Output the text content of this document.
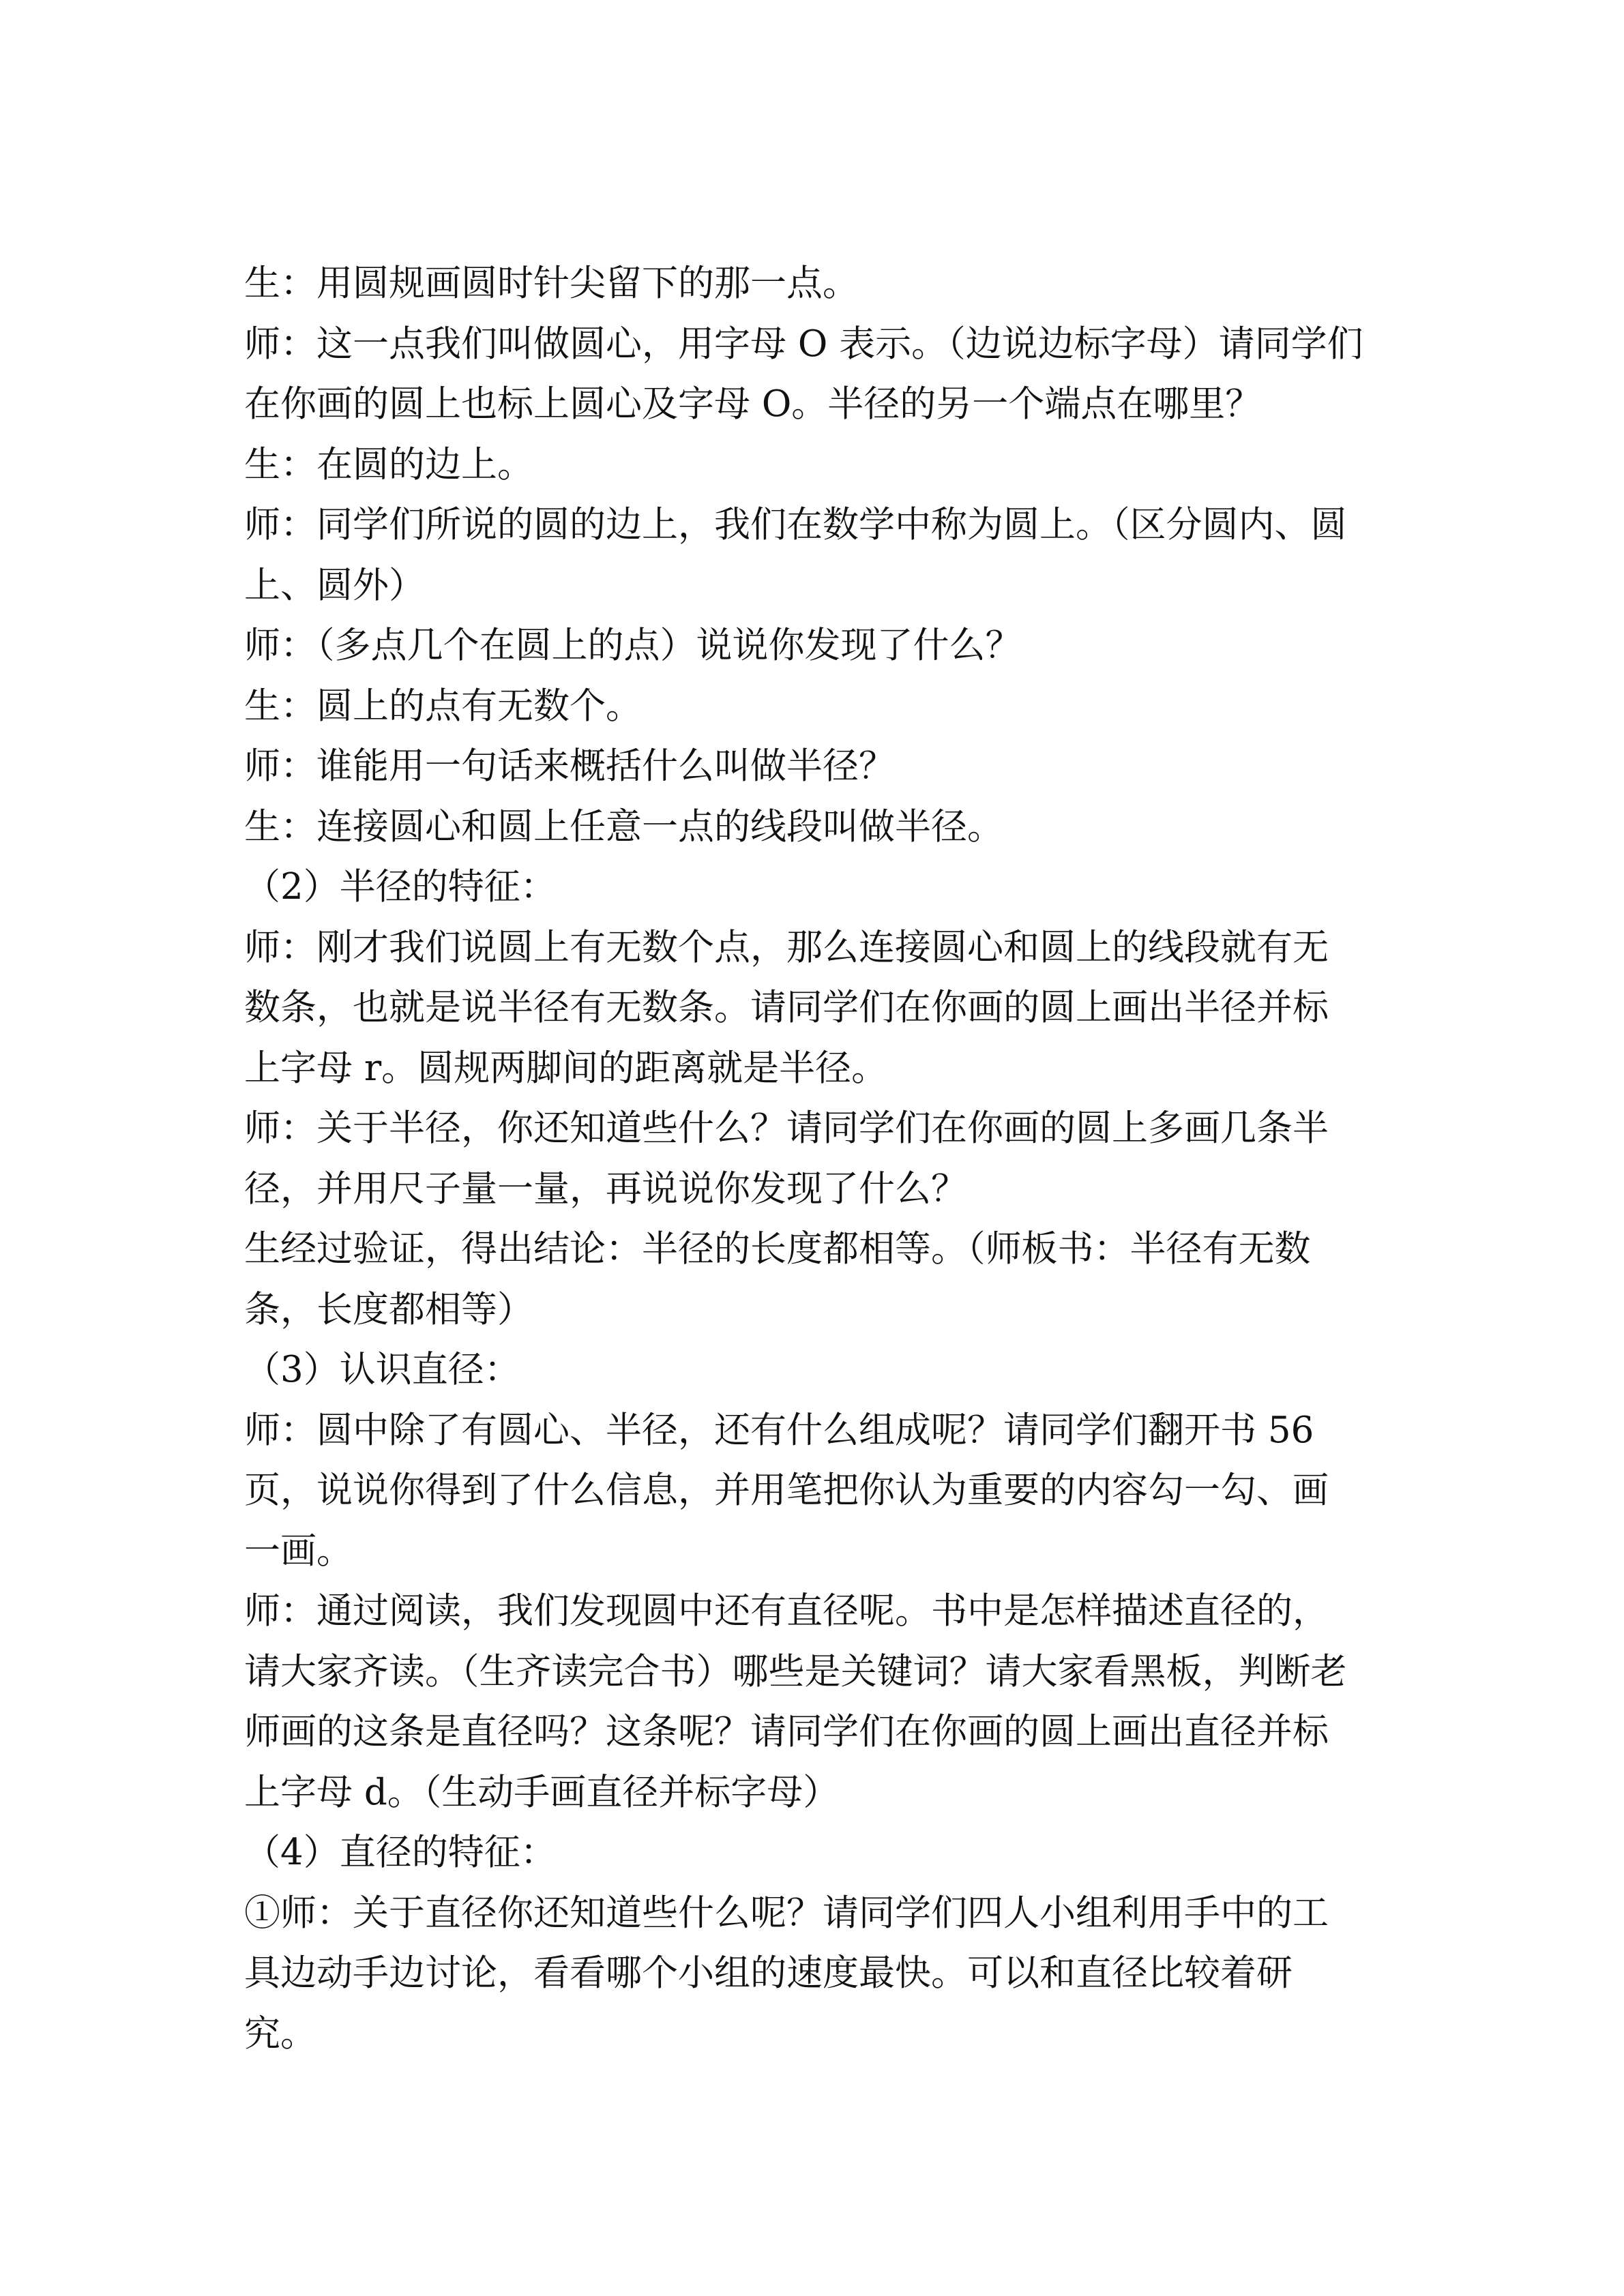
生：用圆规画圆时针尖留下的那一点。
师：这一点我们叫做圆心，用字母 O 表示。（边说边标字母）请同学们
在你画的圆上也标上圆心及字母 O。半径的另一个端点在哪里？
生：在圆的边上。
师：同学们所说的圆的边上，我们在数学中称为圆上。（区分圆内、圆
上、圆外）
师：（多点几个在圆上的点）说说你发现了什么？
生：圆上的点有无数个。
师：谁能用一句话来概括什么叫做半径？
生：连接圆心和圆上任意一点的线段叫做半径。
（2）半径的特征：
师：刚才我们说圆上有无数个点，那么连接圆心和圆上的线段就有无
数条，也就是说半径有无数条。请同学们在你画的圆上画出半径并标
上字母 r。圆规两脚间的距离就是半径。
师：关于半径，你还知道些什么？请同学们在你画的圆上多画几条半
径，并用尺子量一量，再说说你发现了什么？
生经过验证，得出结论：半径的长度都相等。（师板书：半径有无数
条，长度都相等）
（3）认识直径：
师：圆中除了有圆心、半径，还有什么组成呢？请同学们翻开书 56
页，说说你得到了什么信息，并用笔把你认为重要的内容勾一勾、画
一画。
师：通过阅读，我们发现圆中还有直径呢。书中是怎样描述直径的，
请大家齐读。（生齐读完合书）哪些是关键词？请大家看黑板，判断老
师画的这条是直径吗？这条呢？请同学们在你画的圆上画出直径并标
上字母 d。（生动手画直径并标字母）
（4）直径的特征：
①师：关于直径你还知道些什么呢？请同学们四人小组利用手中的工
具边动手边讨论，看看哪个小组的速度最快。可以和直径比较着研
究。
